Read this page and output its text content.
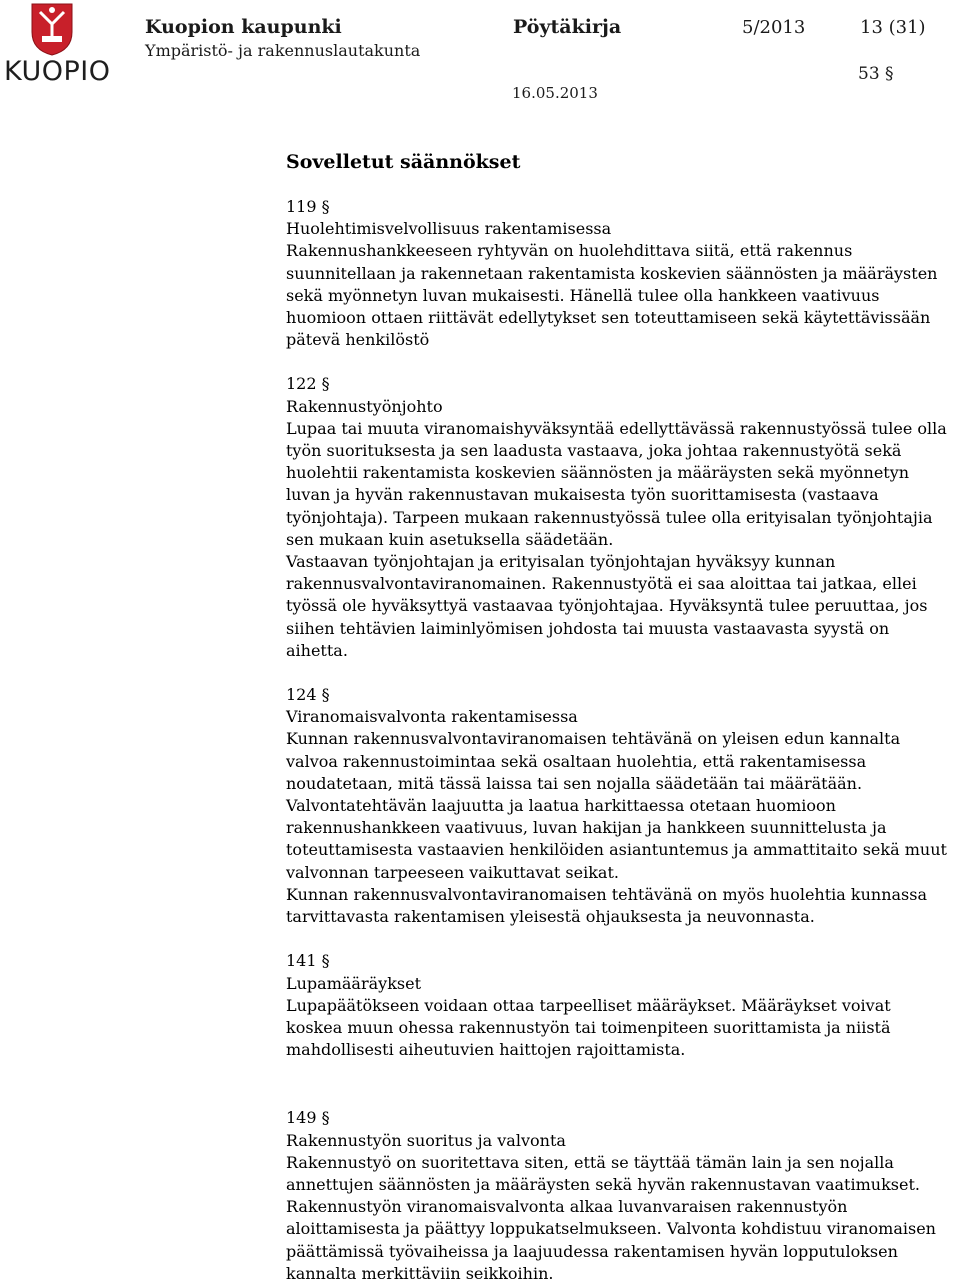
KUOPIO
Kuopion kaupunki
Ympäristö- ja rakennuslautakunta
Pöytäkirja	5/2013	13 (31)
53 §
16.05.2013
Sovelletut säännökset

119 §

Huolehtimisvelvollisuus rakentamisessa

Rakennushankkeeseen ryhtyvän on huolehdittava siitä, että rakennus suunnitellaan ja rakennetaan rakentamista koskevien säännösten ja määräysten sekä myönnetyn luvan mukaisesti. Hänellä tulee olla hankkeen vaativuus huomioon ottaen riittävät edellytykset sen toteuttamiseen sekä käytettävissään pätevä henkilöstö

122 §

Rakennustyönjohto

Lupaa tai muuta viranomaishyväksyntää edellyttävässä rakennustyössä tulee olla työn suorituksesta ja sen laadusta vastaava, joka johtaa rakennustyötä sekä huolehtii rakentamista koskevien säännösten ja määräysten sekä myönnetyn luvan ja hyvän rakennustavan mukaisesta työn suorittamisesta (vastaava työnjohtaja). Tarpeen mukaan rakennustyössä tulee olla erityisalan työnjohtajia sen mukaan kuin asetuksella säädetään.

Vastaavan työnjohtajan ja erityisalan työnjohtajan hyväksyy kunnan rakennusvalvontaviranomainen. Rakennustyötä ei saa aloittaa tai jatkaa, ellei työssä ole hyväksyttyä vastaavaa työnjohtajaa. Hyväksyntä tulee peruuttaa, jos siihen tehtävien laiminlyömisen johdosta tai muusta vastaavasta syystä on aihetta.

124 §

Viranomaisvalvonta rakentamisessa

Kunnan rakennusvalvontaviranomaisen tehtävänä on yleisen edun kannalta valvoa rakennustoimintaa sekä osaltaan huolehtia, että rakentamisessa noudatetaan, mitä tässä laissa tai sen nojalla säädetään tai määrätään.

Valvontatehtävän laajuutta ja laatua harkittaessa otetaan huomioon rakennushankkeen vaativuus, luvan hakijan ja hankkeen suunnittelusta ja toteuttamisesta vastaavien henkilöiden asiantuntemus ja ammattitaito sekä muut valvonnan tarpeeseen vaikuttavat seikat.

Kunnan rakennusvalvontaviranomaisen tehtävänä on myös huolehtia kunnassa tarvittavasta rakentamisen yleisestä ohjauksesta ja neuvonnasta.

141 §

Lupamääräykset

Lupapäätökseen voidaan ottaa tarpeelliset määräykset. Määräykset voivat koskea muun ohessa rakennustyön tai toimenpiteen suorittamista ja niistä mahdollisesti aiheutuvien haittojen rajoittamista.

149 §

Rakennustyön suoritus ja valvonta

Rakennustyö on suoritettava siten, että se täyttää tämän lain ja sen nojalla annettujen säännösten ja määräysten sekä hyvän rakennustavan vaatimukset.

Rakennustyön viranomaisvalvonta alkaa luvanvaraisen rakennustyön aloittamisesta ja päättyy loppukatselmukseen. Valvonta kohdistuu viranomaisen päättämissä työvaiheissa ja laajuudessa rakentamisen hyvän lopputuloksen kannalta merkittäviin seikkoihin.
